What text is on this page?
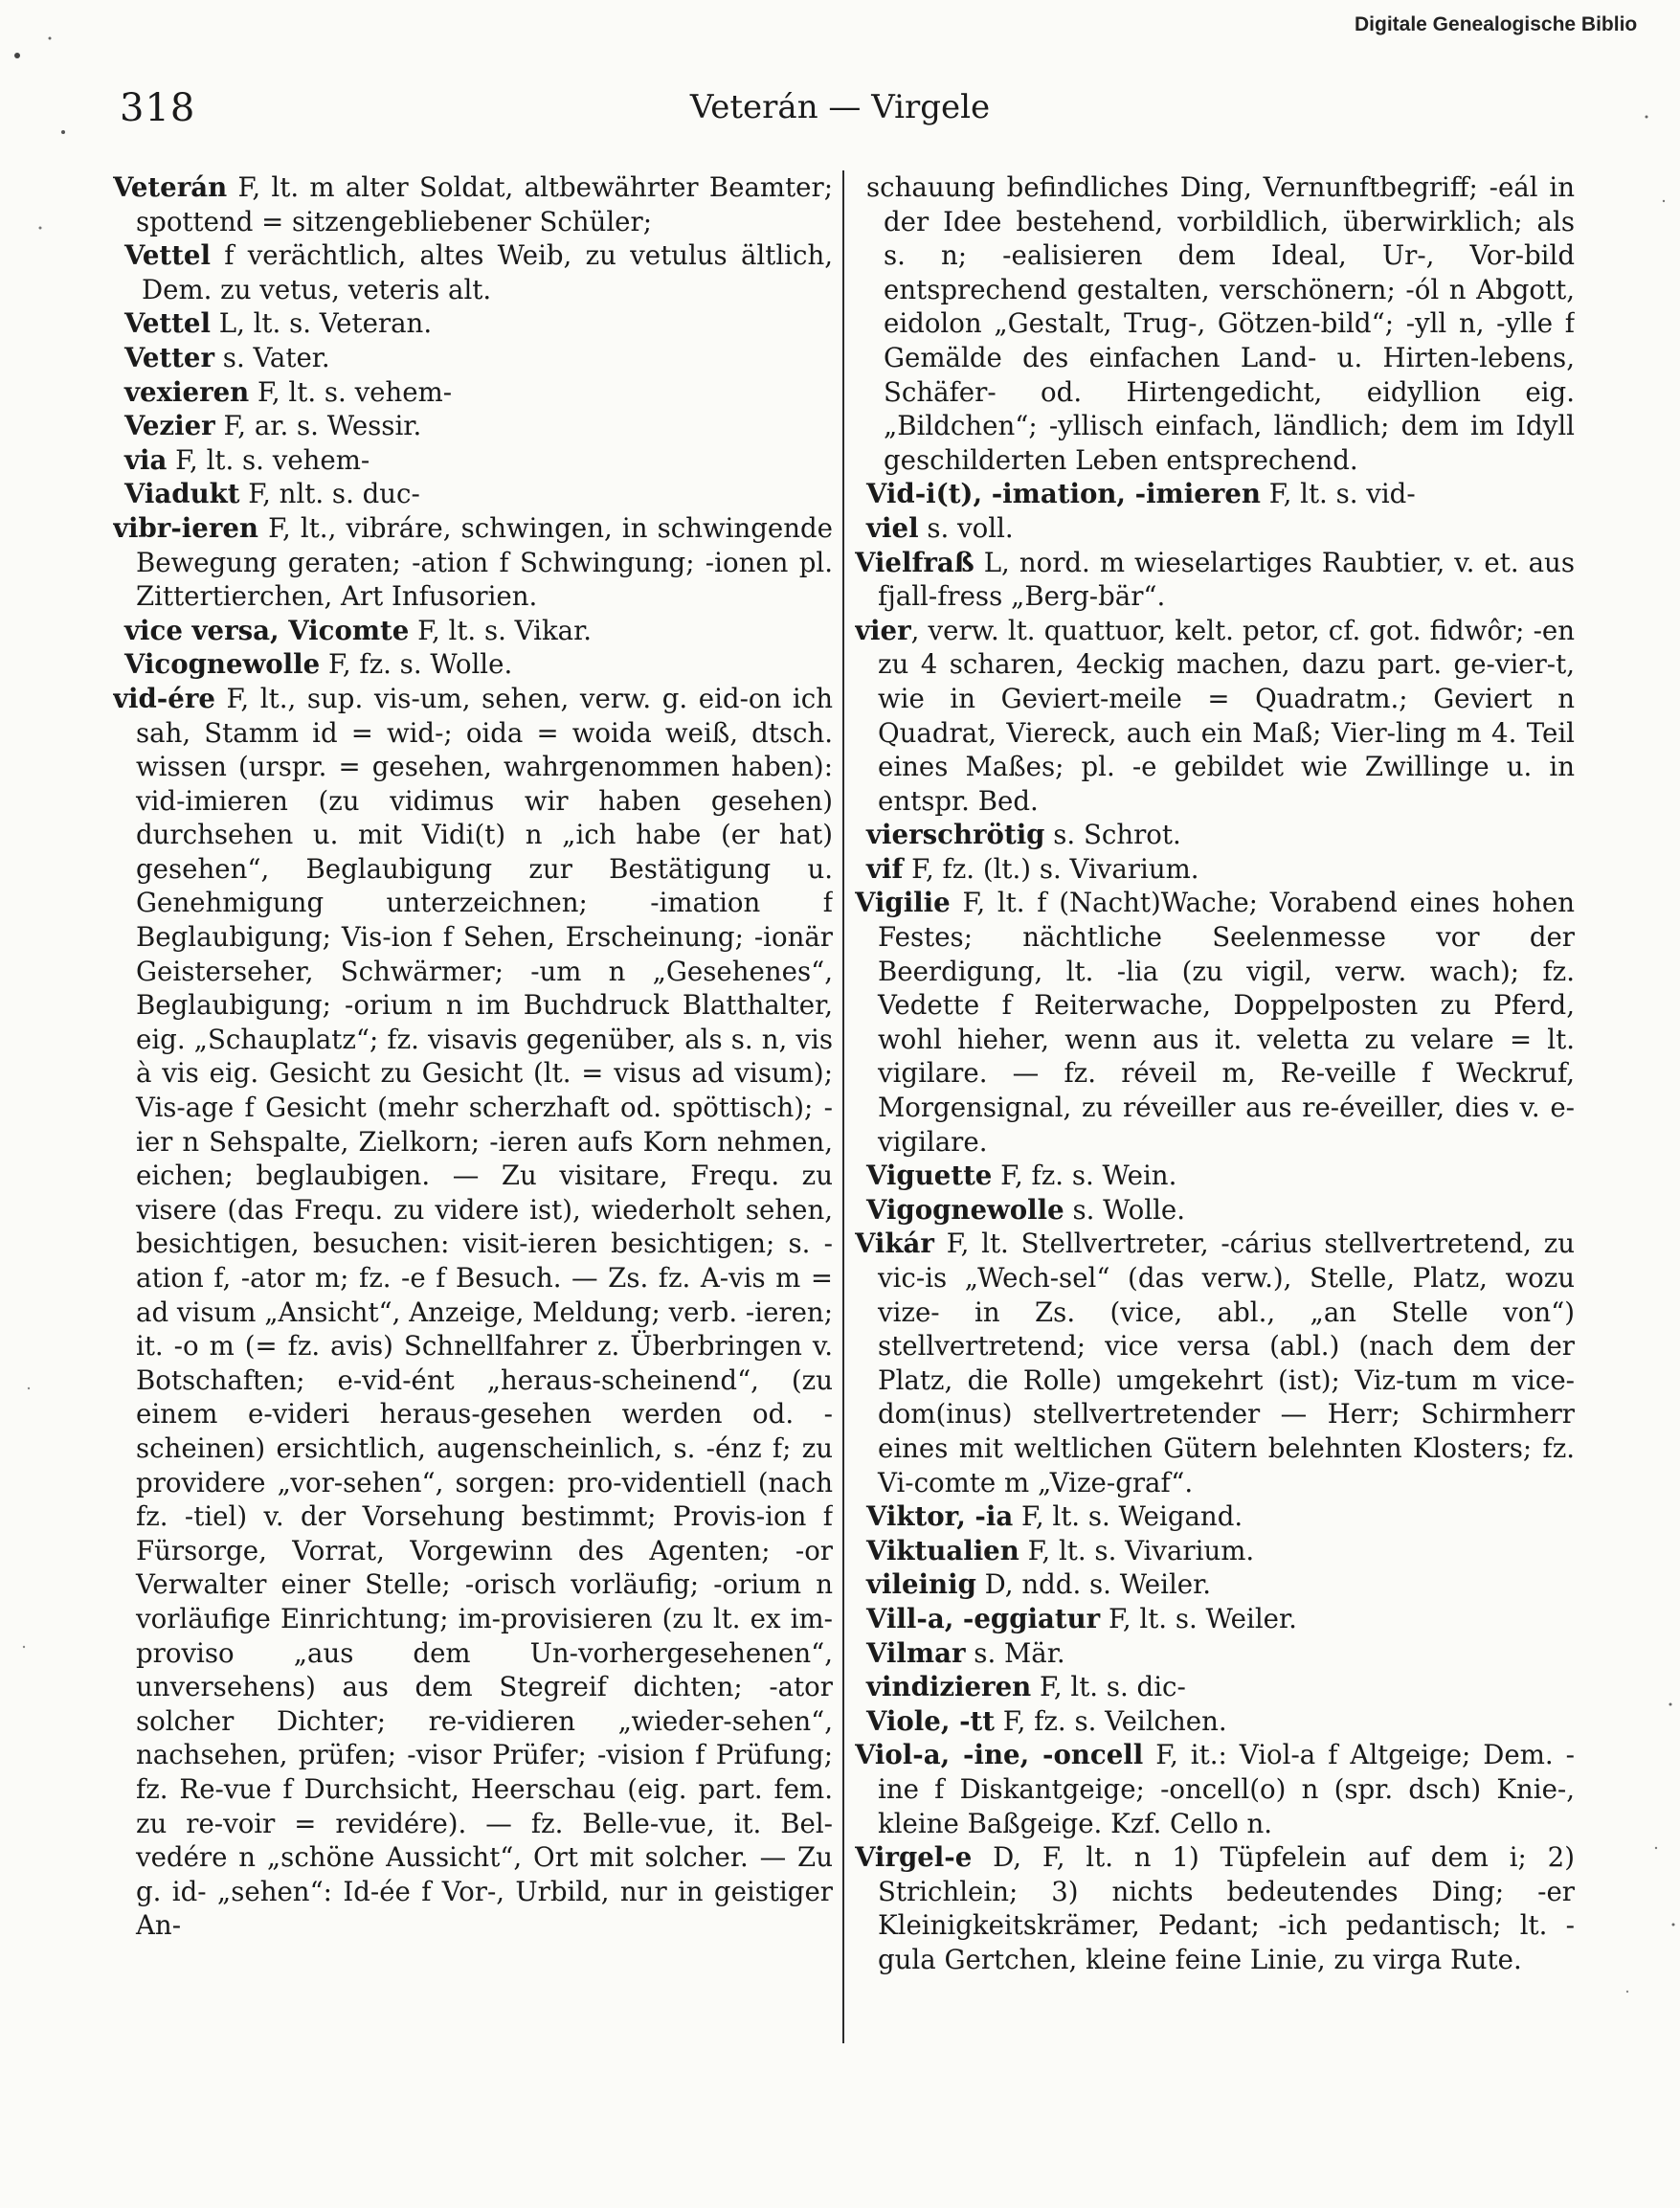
Digitale Genealogische Biblio
318	Veterán — Virgele

Veterán F, lt. m alter Soldat, altbewährter Beamter; spottend = sitzengebliebener Schüler;

Vettel f verächtlich, altes Weib, zu vetulus ältlich, Dem. zu vetus, veteris alt.

Vettel L, lt. s. Veteran.

Vetter s. Vater.

vexieren F, lt. s. vehem-

Vezier F, ar. s. Wessir.

via F, lt. s. vehem-

Viadukt F, nlt. s. duc-

vibr-ieren F, lt., vibráre, schwingen, in schwingende Bewegung geraten; -ation f Schwingung; -ionen pl. Zittertierchen, Art Infusorien.

vice versa, Vicomte F, lt. s. Vikar.

Vicognewolle F, fz. s. Wolle.

vid-ére F, lt., sup. vis-um, sehen, verw. g. eid-on ich sah, Stamm id = wid-; oida = woida weiß, dtsch. wissen (urspr. = gesehen, wahrgenommen haben): vid-imieren (zu vidimus wir haben gesehen) durchsehen u. mit Vidi(t) n „ich habe (er hat) gesehen“, Beglaubigung zur Bestätigung u. Genehmigung unterzeichnen; -imation f Beglaubigung; Vis-ion f Sehen, Erscheinung; -ionär Geisterseher, Schwärmer; -um n „Gesehenes“, Beglaubigung; -orium n im Buchdruck Blatthalter, eig. „Schauplatz“; fz. visavis gegenüber, als s. n, vis à vis eig. Gesicht zu Gesicht (lt. = visus ad visum); Vis-age f Gesicht (mehr scherzhaft od. spöttisch); -ier n Sehspalte, Zielkorn; -ieren aufs Korn nehmen, eichen; beglaubigen. — Zu visitare, Frequ. zu visere (das Frequ. zu videre ist), wiederholt sehen, besichtigen, besuchen: visit-ieren besichtigen; s. -ation f, -ator m; fz. -e f Besuch. — Zs. fz. A-vis m = ad visum „Ansicht“, Anzeige, Meldung; verb. -ieren; it. -o m (= fz. avis) Schnellfahrer z. Überbringen v. Botschaften; e-vid-ént „heraus-scheinend“, (zu einem e-videri heraus-gesehen werden od. -scheinen) ersichtlich, augenscheinlich, s. -énz f; zu providere „vor-sehen“, sorgen: pro-videntiell (nach fz. -tiel) v. der Vorsehung bestimmt; Provis-ion f Fürsorge, Vorrat, Vorgewinn des Agenten; -or Verwalter einer Stelle; -orisch vorläufig; -orium n vorläufige Einrichtung; im-provisieren (zu lt. ex im-proviso „aus dem Un-vorhergesehenen“, unversehens) aus dem Stegreif dichten; -ator solcher Dichter; re-vidieren „wieder-sehen“, nachsehen, prüfen; -visor Prüfer; -vision f Prüfung; fz. Re-vue f Durchsicht, Heerschau (eig. part. fem. zu re-voir = revidére). — fz. Belle-vue, it. Bel-vedére n „schöne Aussicht“, Ort mit solcher. — Zu g. id- „sehen“: Id-ée f Vor-, Urbild, nur in geistiger An-

schauung befindliches Ding, Vernunftbegriff; -eál in der Idee bestehend, vorbildlich, überwirklich; als s. n; -ealisieren dem Ideal, Ur-, Vor-bild entsprechend gestalten, verschönern; -ól n Abgott, eidolon „Gestalt, Trug-, Götzen-bild“; -yll n, -ylle f Gemälde des einfachen Land- u. Hirten-lebens, Schäfer- od. Hirtengedicht, eidyllion eig. „Bildchen“; -yllisch einfach, ländlich; dem im Idyll geschilderten Leben entsprechend.

Vid-i(t), -imation, -imieren F, lt. s. vid-

viel s. voll.

Vielfraß L, nord. m wieselartiges Raubtier, v. et. aus fjall-fress „Berg-bär“.

vier, verw. lt. quattuor, kelt. petor, cf. got. fidwôr; -en zu 4 scharen, 4eckig machen, dazu part. ge-vier-t, wie in Geviert-meile = Quadratm.; Geviert n Quadrat, Viereck, auch ein Maß; Vier-ling m 4. Teil eines Maßes; pl. -e gebildet wie Zwillinge u. in entspr. Bed.

vierschrötig s. Schrot.

vif F, fz. (lt.) s. Vivarium.

Vigilie F, lt. f (Nacht)Wache; Vorabend eines hohen Festes; nächtliche Seelenmesse vor der Beerdigung, lt. -lia (zu vigil, verw. wach); fz. Vedette f Reiterwache, Doppelposten zu Pferd, wohl hieher, wenn aus it. veletta zu velare = lt. vigilare. — fz. réveil m, Re-veille f Weckruf, Morgensignal, zu réveiller aus re-éveiller, dies v. e-vigilare.

Viguette F, fz. s. Wein.

Vigognewolle s. Wolle.

Vikár F, lt. Stellvertreter, -cárius stellvertretend, zu vic-is „Wech-sel“ (das verw.), Stelle, Platz, wozu vize- in Zs. (vice, abl., „an Stelle von“) stellvertretend; vice versa (abl.) (nach dem der Platz, die Rolle) umgekehrt (ist); Viz-tum m vice-dom(inus) stellvertretender — Herr; Schirmherr eines mit weltlichen Gütern belehnten Klosters; fz. Vi-comte m „Vize-graf“.

Viktor, -ia F, lt. s. Weigand.

Viktualien F, lt. s. Vivarium.

vileinig D, ndd. s. Weiler.

Vill-a, -eggiatur F, lt. s. Weiler.

Vilmar s. Mär.

vindizieren F, lt. s. dic-

Viole, -tt F, fz. s. Veilchen.

Viol-a, -ine, -oncell F, it.: Viol-a f Altgeige; Dem. -ine f Diskantgeige; -oncell(o) n (spr. dsch) Knie-, kleine Baßgeige. Kzf. Cello n.

Virgel-e D, F, lt. n 1) Tüpfelein auf dem i; 2) Strichlein; 3) nichts bedeutendes Ding; -er Kleinigkeitskrämer, Pedant; -ich pedantisch; lt. -gula Gertchen, kleine feine Linie, zu virga Rute.
